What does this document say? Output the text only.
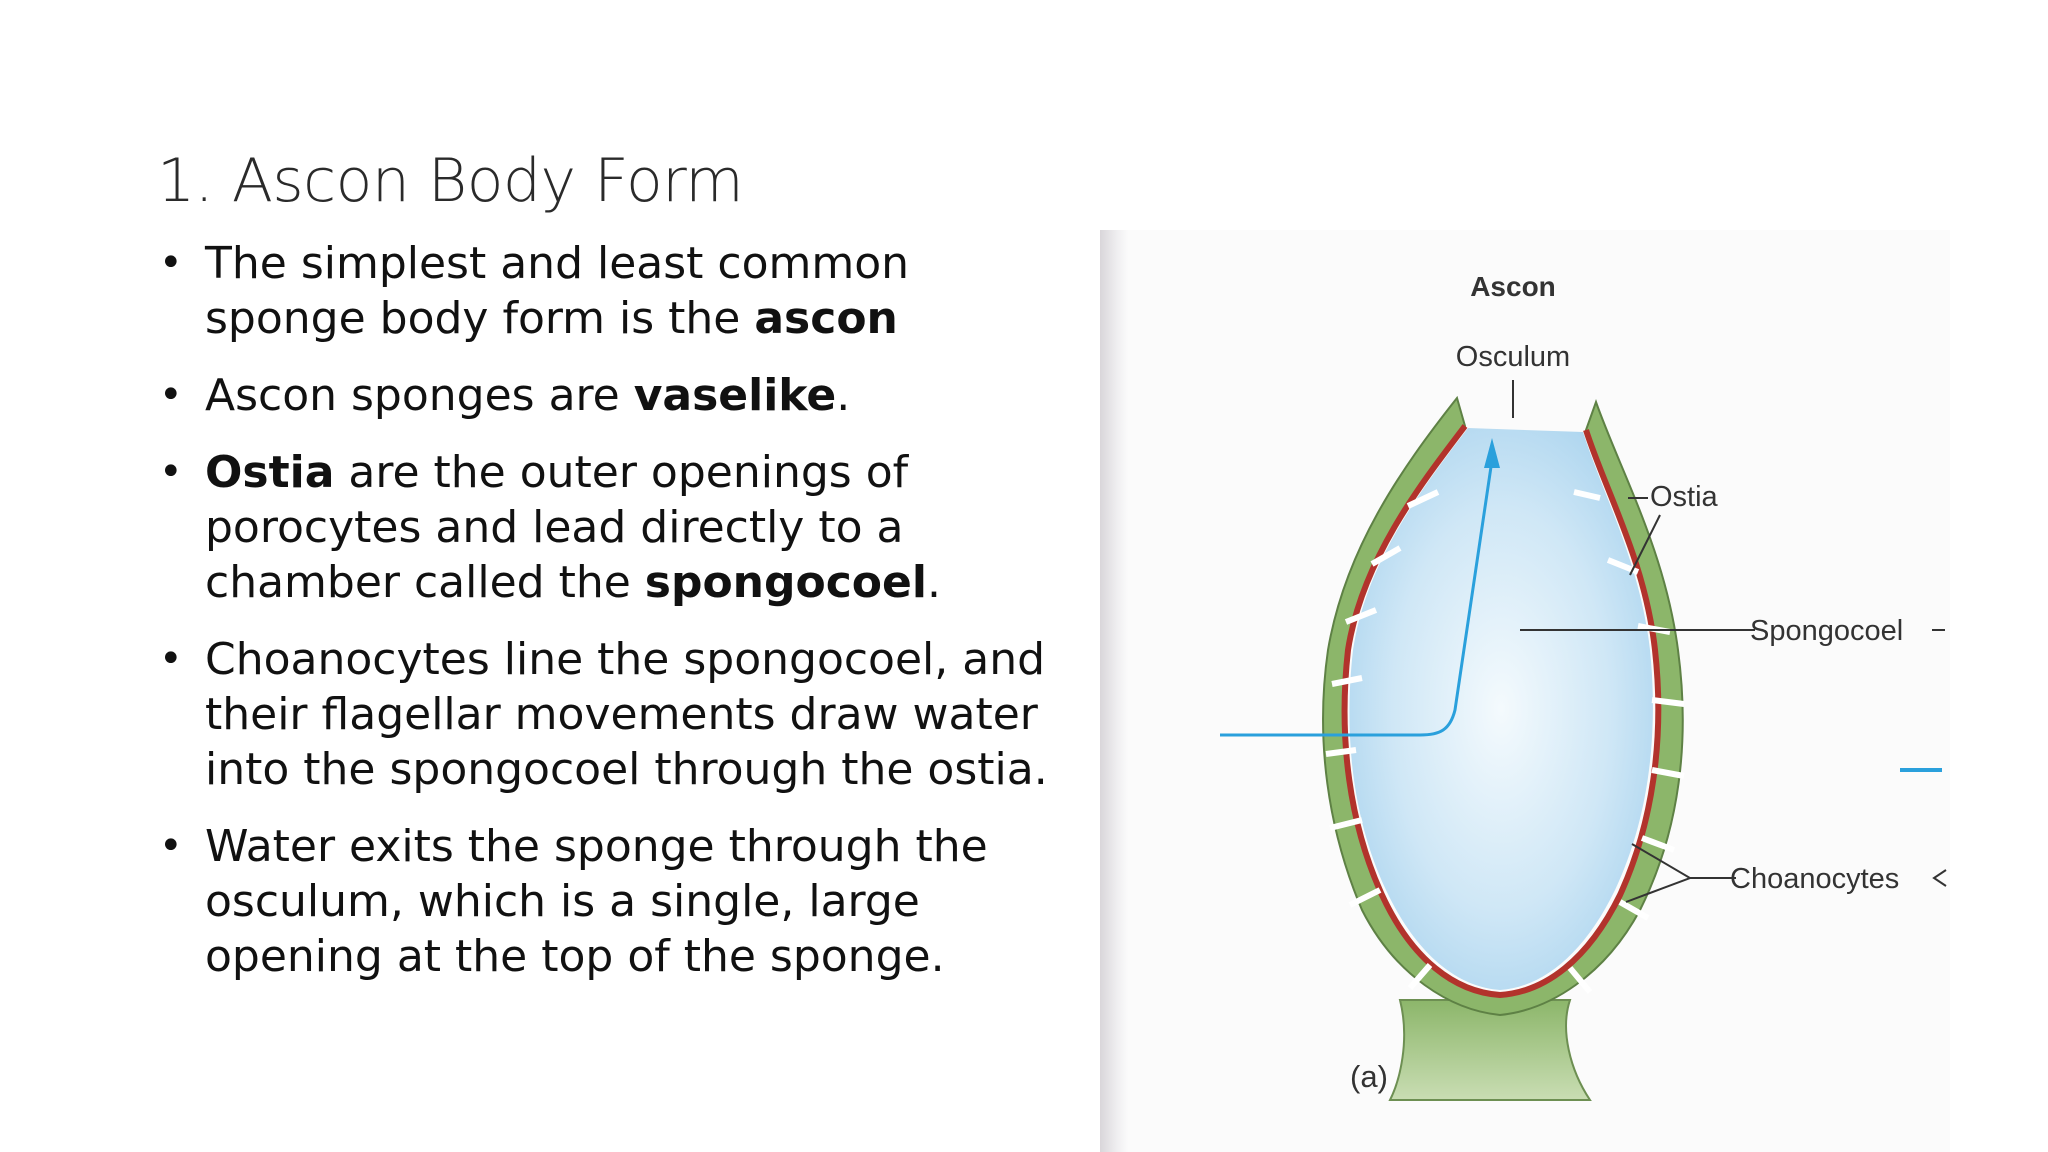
1. Ascon Body Form
• The simplest and least common
sponge body form is the ascon
• Ascon sponges are vaselike.
• Ostia are the outer openings of
porocytes and lead directly to a
chamber called the spongocoel.
• Choanocytes line the spongocoel, and
their flagellar movements draw water
into the spongocoel through the ostia.
• Water exits the sponge through the
osculum, which is a single, large
opening at the top of the sponge.
Ascon
Osculum
Ostia
Spongocoel
Choanocytes
(a)
